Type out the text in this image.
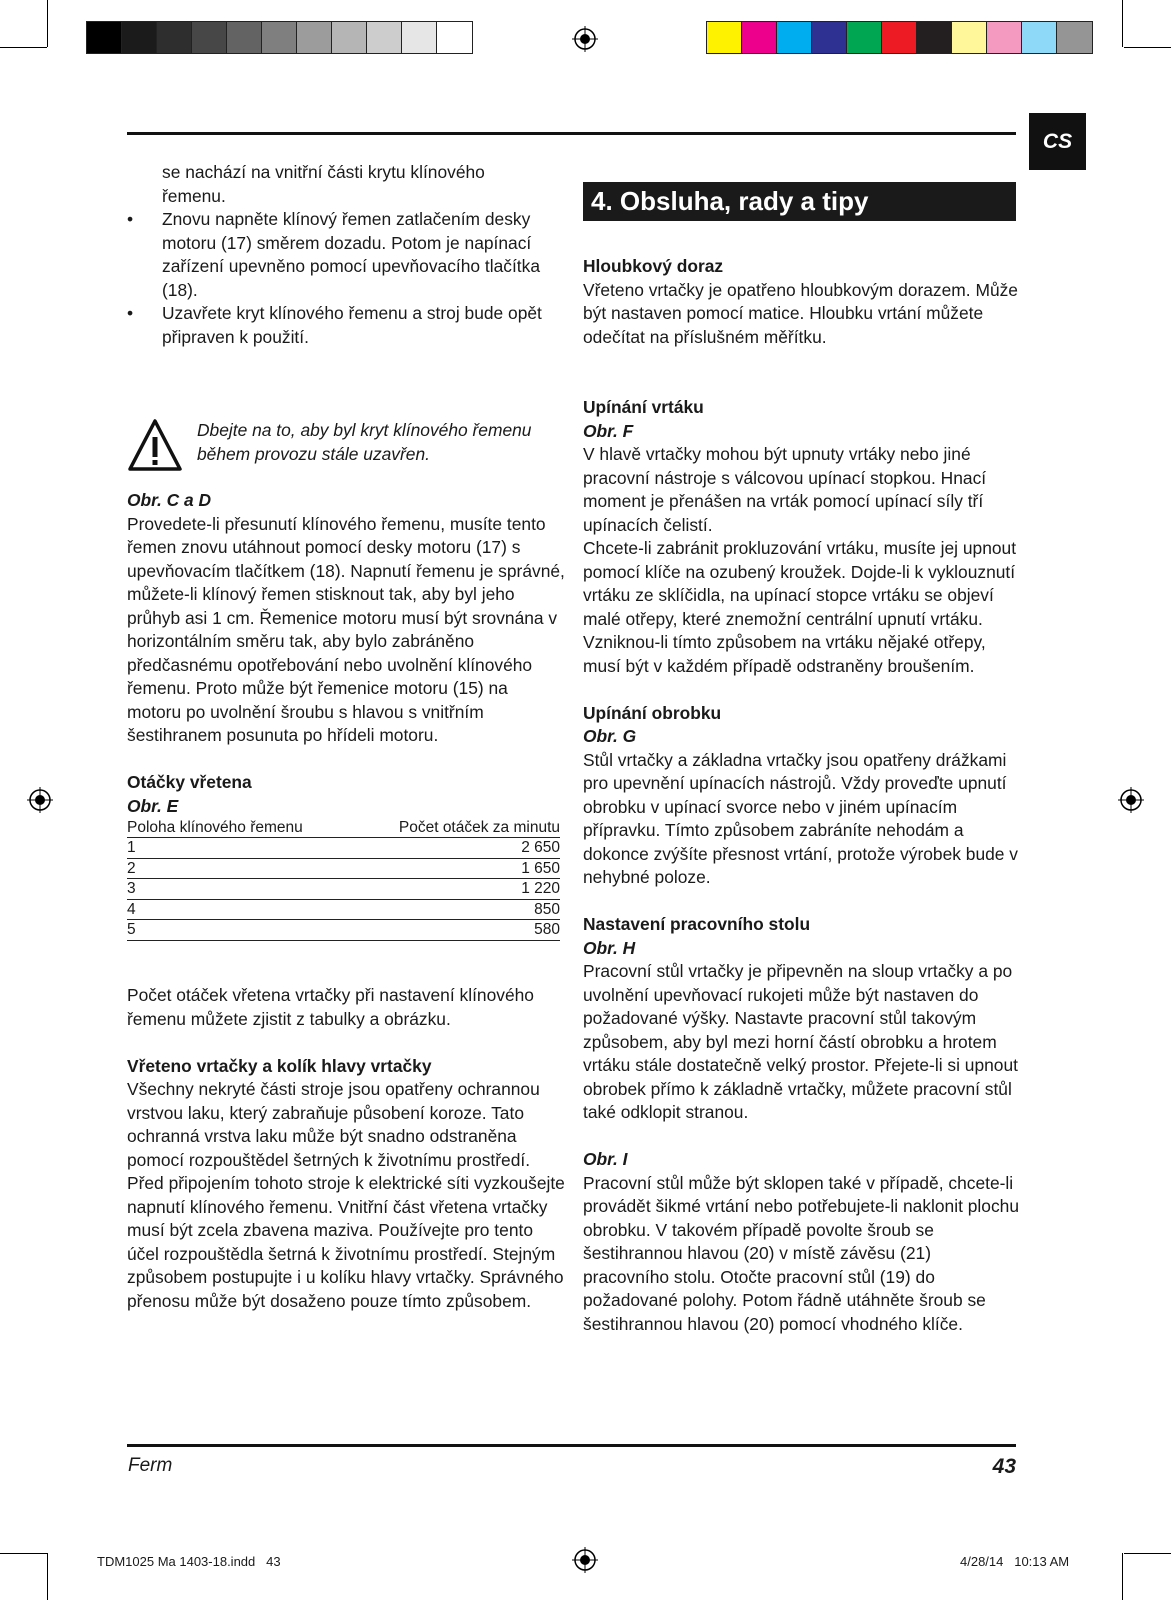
CS

se nachází na vnitřní části krytu klínového

řemenu.

• Znovu napněte klínový řemen zatlačením desky motoru (17) směrem dozadu. Potom je napínací zařízení upevněno pomocí upevňovacího tlačítka (18).

• Uzavřete kryt klínového řemenu a stroj bude opět připraven k použití.

Dbejte na to, aby byl kryt klínového řemenu během provozu stále uzavřen.

Obr. C a D

Provedete-li přesunutí klínového řemenu, musíte tento řemen znovu utáhnout pomocí desky motoru (17) s upevňovacím tlačítkem (18). Napnutí řemenu je správné, můžete-li klínový řemen stisknout tak, aby byl jeho průhyb asi 1 cm. Řemenice motoru musí být srovnána v horizontálním směru tak, aby bylo zabráněno předčasnému opotřebování nebo uvolnění klínového řemenu. Proto může být řemenice motoru (15) na motoru po uvolnění šroubu s hlavou s vnitřním šestihranem posunuta po hřídeli motoru.

Otáčky vřetena

Obr. E

Poloha klínového řemenu	Počet otáček za minutu
1	2 650
2	1 650
3	1 220
4	850
5	580

Počet otáček vřetena vrtačky při nastavení klínového řemenu můžete zjistit z tabulky a obrázku.

Vřeteno vrtačky a kolík hlavy vrtačky

Všechny nekryté části stroje jsou opatřeny ochrannou vrstvou laku, který zabraňuje působení koroze. Tato ochranná vrstva laku může být snadno odstraněna pomocí rozpouštědel šetrných k životnímu prostředí. Před připojením tohoto stroje k elektrické síti vyzkoušejte napnutí klínového řemenu. Vnitřní část vřetena vrtačky musí být zcela zbavena maziva. Používejte pro tento účel rozpouštědla šetrná k životnímu prostředí. Stejným způsobem postupujte i u kolíku hlavy vrtačky. Správného přenosu může být dosaženo pouze tímto způsobem.

4. Obsluha, rady a tipy

Hloubkový doraz

Vřeteno vrtačky je opatřeno hloubkovým dorazem. Může být nastaven pomocí matice. Hloubku vrtání můžete odečítat na příslušném měřítku.

Upínání vrtáku

Obr. F

V hlavě vrtačky mohou být upnuty vrtáky nebo jiné pracovní nástroje s válcovou upínací stopkou. Hnací moment je přenášen na vrták pomocí upínací síly tří upínacích čelistí.

Chcete-li zabránit prokluzování vrtáku, musíte jej upnout pomocí klíče na ozubený kroužek. Dojde-li k vyklouznutí vrtáku ze sklíčidla, na upínací stopce vrtáku se objeví malé otřepy, které znemožní centrální upnutí vrtáku. Vzniknou-li tímto způsobem na vrtáku nějaké otřepy, musí být v každém případě odstraněny broušením.

Upínání obrobku

Obr. G

Stůl vrtačky a základna vrtačky jsou opatřeny drážkami pro upevnění upínacích nástrojů. Vždy proveďte upnutí obrobku v upínací svorce nebo v jiném upínacím přípravku. Tímto způsobem zabráníte nehodám a dokonce zvýšíte přesnost vrtání, protože výrobek bude v nehybné poloze.

Nastavení pracovního stolu

Obr. H

Pracovní stůl vrtačky je připevněn na sloup vrtačky a po uvolnění upevňovací rukojeti může být nastaven do požadované výšky. Nastavte pracovní stůl takovým způsobem, aby byl mezi horní částí obrobku a hrotem vrtáku stále dostatečně velký prostor. Přejete-li si upnout obrobek přímo k základně vrtačky, můžete pracovní stůl také odklopit stranou.

Obr. I

Pracovní stůl může být sklopen také v případě, chcete-li provádět šikmé vrtání nebo potřebujete-li naklonit plochu obrobku. V takovém případě povolte šroub se šestihrannou hlavou (20) v místě závěsu (21) pracovního stolu. Otočte pracovní stůl (19) do požadované polohy. Potom řádně utáhněte šroub se šestihrannou hlavou (20) pomocí vhodného klíče.

Ferm	43
TDM1025 Ma 1403-18.indd   43	4/28/14   10:13 AM
